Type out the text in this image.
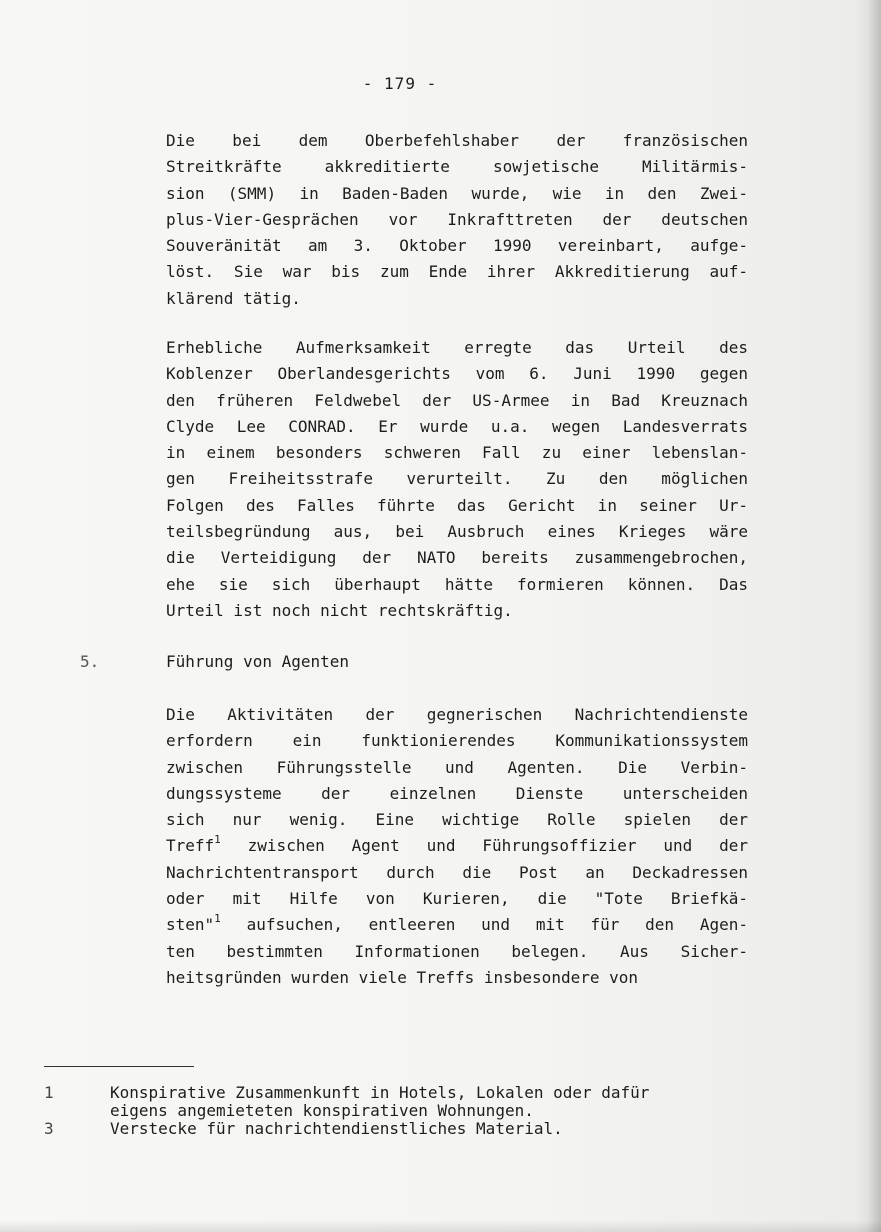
- 179 -
Die bei dem Oberbefehlshaber der französischen
Streitkräfte akkreditierte sowjetische Militärmis-
sion (SMM) in Baden-Baden wurde, wie in den Zwei-
plus-Vier-Gesprächen vor Inkrafttreten der deutschen
Souveränität am 3. Oktober 1990 vereinbart, aufge-
löst. Sie war bis zum Ende ihrer Akkreditierung auf-
klärend tätig.
Erhebliche Aufmerksamkeit erregte das Urteil des
Koblenzer Oberlandesgerichts vom 6. Juni 1990 gegen
den früheren Feldwebel der US-Armee in Bad Kreuznach
Clyde Lee CONRAD. Er wurde u.a. wegen Landesverrats
in einem besonders schweren Fall zu einer lebenslan-
gen Freiheitsstrafe verurteilt. Zu den möglichen
Folgen des Falles führte das Gericht in seiner Ur-
teilsbegründung aus, bei Ausbruch eines Krieges wäre
die Verteidigung der NATO bereits zusammengebrochen,
ehe sie sich überhaupt hätte formieren können. Das
Urteil ist noch nicht rechtskräftig.
5.	Führung von Agenten
Die Aktivitäten der gegnerischen Nachrichtendienste
erfordern ein funktionierendes Kommunikationssystem
zwischen Führungsstelle und Agenten. Die Verbin-
dungssysteme der einzelnen Dienste unterscheiden
sich nur wenig. Eine wichtige Rolle spielen der
Treff$^1$ zwischen Agent und Führungsoffizier und der
Nachrichtentransport durch die Post an Deckadressen
oder mit Hilfe von Kurieren, die "Tote Briefkä-
sten"$^1$ aufsuchen, entleeren und mit für den Agen-
ten bestimmten Informationen belegen. Aus Sicher-
heitsgründen wurden viele Treffs insbesondere von
1	Konspirative Zusammenkunft in Hotels, Lokalen oder dafür
eigens angemieteten konspirativen Wohnungen.
3	Verstecke für nachrichtendienstliches Material.
